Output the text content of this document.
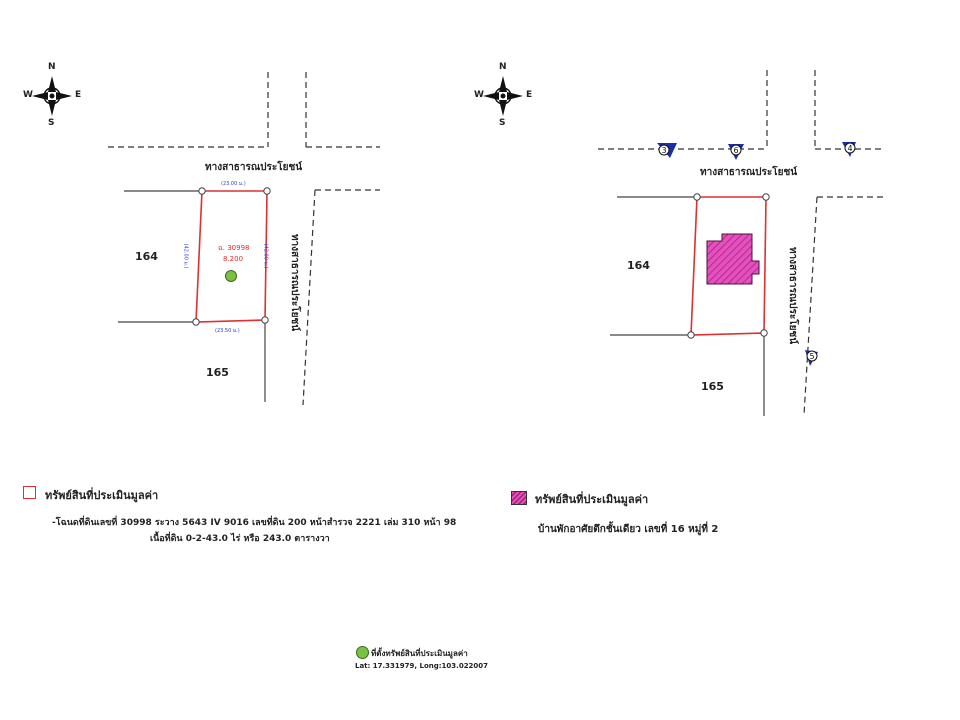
3	6	4
5
N
S
W	E
ทางสาธารณประโยชน์
ทางสาธารณประโยชน์
164
165
ฉ. 30998
8.200
(23.00 ม.)
(23.50 ม.)
(42.00 ม.)	(42.00 ม.)
N
S
W	E
ทางสาธารณประโยชน์
ทางสาธารณประโยชน์
164
165
ทรัพย์สินที่ประเมินมูลค่า
-โฉนดที่ดินเลขที่ 30998 ระวาง 5643 IV 9016 เลขที่ดิน 200 หน้าสำรวจ 2221 เล่ม 310 หน้า 98
เนื้อที่ดิน 0-2-43.0 ไร่ หรือ 243.0 ตารางวา
ทรัพย์สินที่ประเมินมูลค่า
บ้านพักอาศัยตึกชั้นเดียว เลขที่ 16 หมู่ที่ 2
ที่ตั้งทรัพย์สินที่ประเมินมูลค่า
Lat: 17.331979, Long:103.022007
